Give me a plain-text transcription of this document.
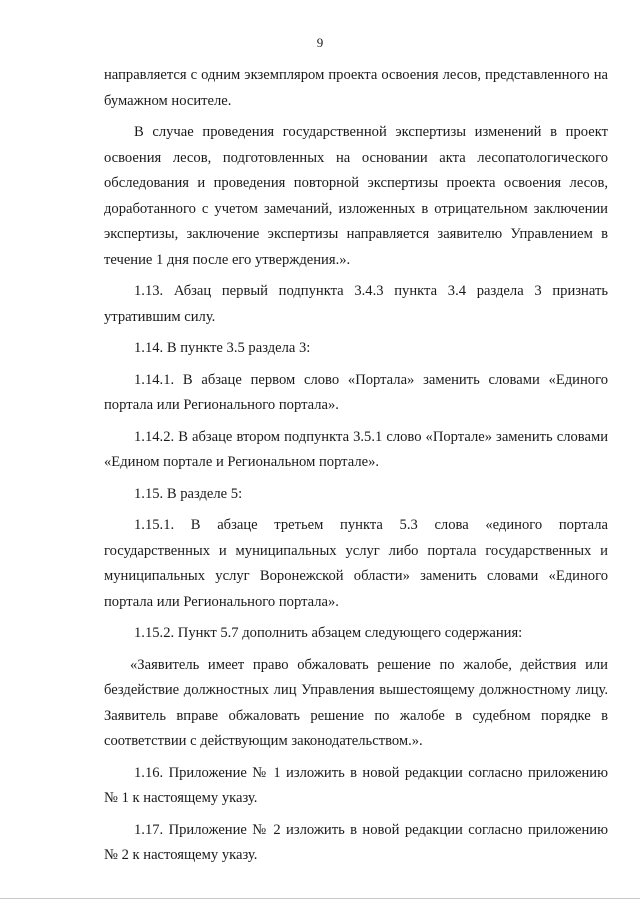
9

направляется с одним экземпляром проекта освоения лесов, представленного на бумажном носителе.

В случае проведения государственной экспертизы изменений в проект освоения лесов, подготовленных на основании акта лесопатологического обследования и проведения повторной экспертизы проекта освоения лесов, доработанного с учетом замечаний, изложенных в отрицательном заключении экспертизы, заключение экспертизы направляется заявителю Управлением в течение 1 дня после его утверждения.».

1.13. Абзац первый подпункта 3.4.3 пункта 3.4 раздела 3 признать утратившим силу.

1.14. В пункте 3.5 раздела 3:

1.14.1. В абзаце первом слово «Портала» заменить словами «Единого портала или Регионального портала».

1.14.2. В абзаце втором подпункта 3.5.1 слово «Портале» заменить словами «Едином портале и Региональном портале».

1.15. В разделе 5:

1.15.1. В абзаце третьем пункта 5.3 слова «единого портала государственных и муниципальных услуг либо портала государственных и муниципальных услуг Воронежской области» заменить словами «Единого портала или Регионального портала».

1.15.2. Пункт 5.7 дополнить абзацем следующего содержания:

«Заявитель имеет право обжаловать решение по жалобе, действия или бездействие должностных лиц Управления вышестоящему должностному лицу. Заявитель вправе обжаловать решение по жалобе в судебном порядке в соответствии с действующим законодательством.».

1.16. Приложение № 1 изложить в новой редакции согласно приложению № 1 к настоящему указу.

1.17. Приложение № 2 изложить в новой редакции согласно приложению № 2 к настоящему указу.
